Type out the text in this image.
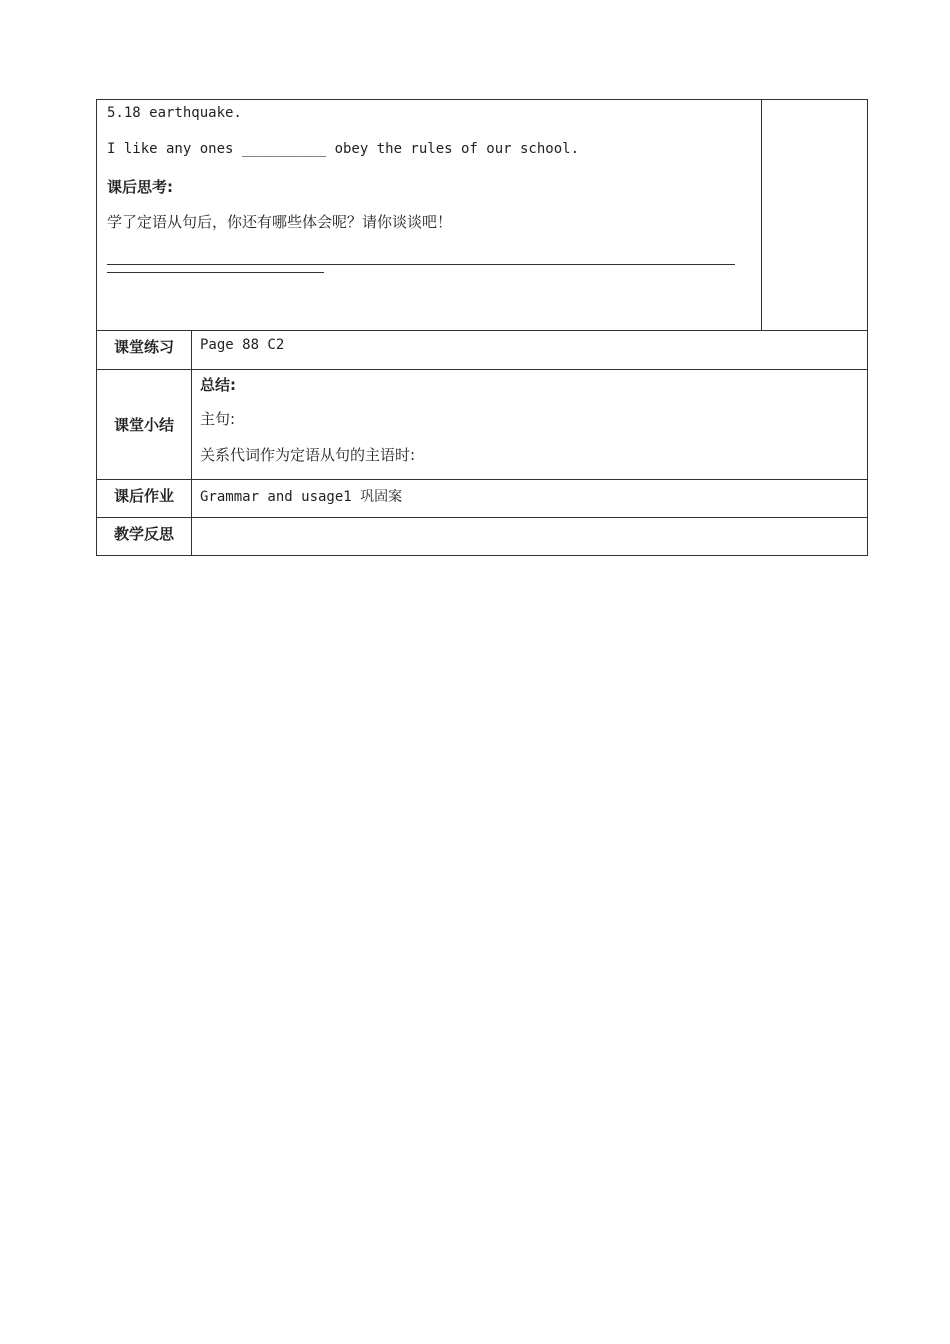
5.18 earthquake.
I like any ones __________ obey the rules of our school.
课后思考:
学了定语从句后，你还有哪些体会呢？请你谈谈吧！		

课堂练习	Page 88 C2	
课堂小结	总结:
主句:
关系代词作为定语从句的主语时:	

课后作业	Grammar and usage1 巩固案	
教学反思		
